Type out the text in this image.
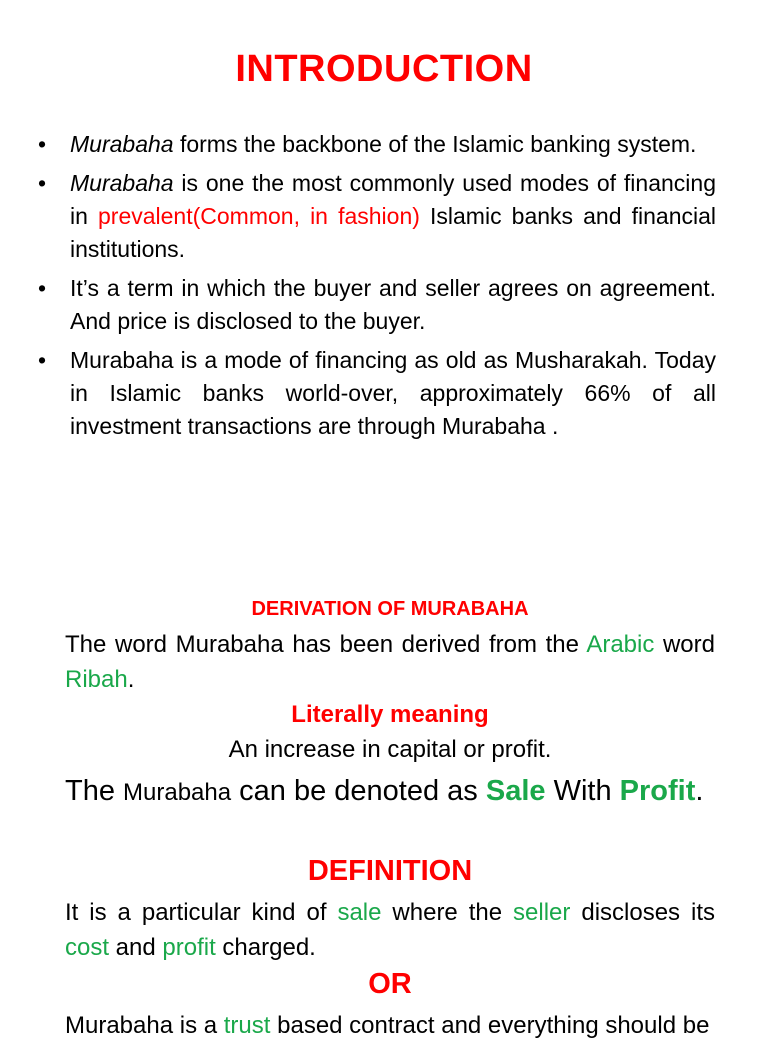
INTRODUCTION
•	Murabaha forms the backbone of the Islamic banking system.
•	Murabaha is one the most commonly used modes of financing in prevalent(Common, in fashion) Islamic banks and financial institutions.
•	It’s a term in which the buyer and seller agrees on agreement. And price is disclosed to the buyer.
•	Murabaha is a mode of financing as old as Musharakah. Today in Islamic banks world-over, approximately 66% of all investment transactions are through Murabaha .
DERIVATION OF MURABAHA

The word Murabaha has been derived from the Arabic word Ribah.

Literally meaning
An increase in capital or profit.

The Murabaha can be denoted as Sale With Profit.

DEFINITION

It is a particular kind of sale where the seller discloses its cost and profit charged.

OR

Murabaha is a trust based contract and everything should be
